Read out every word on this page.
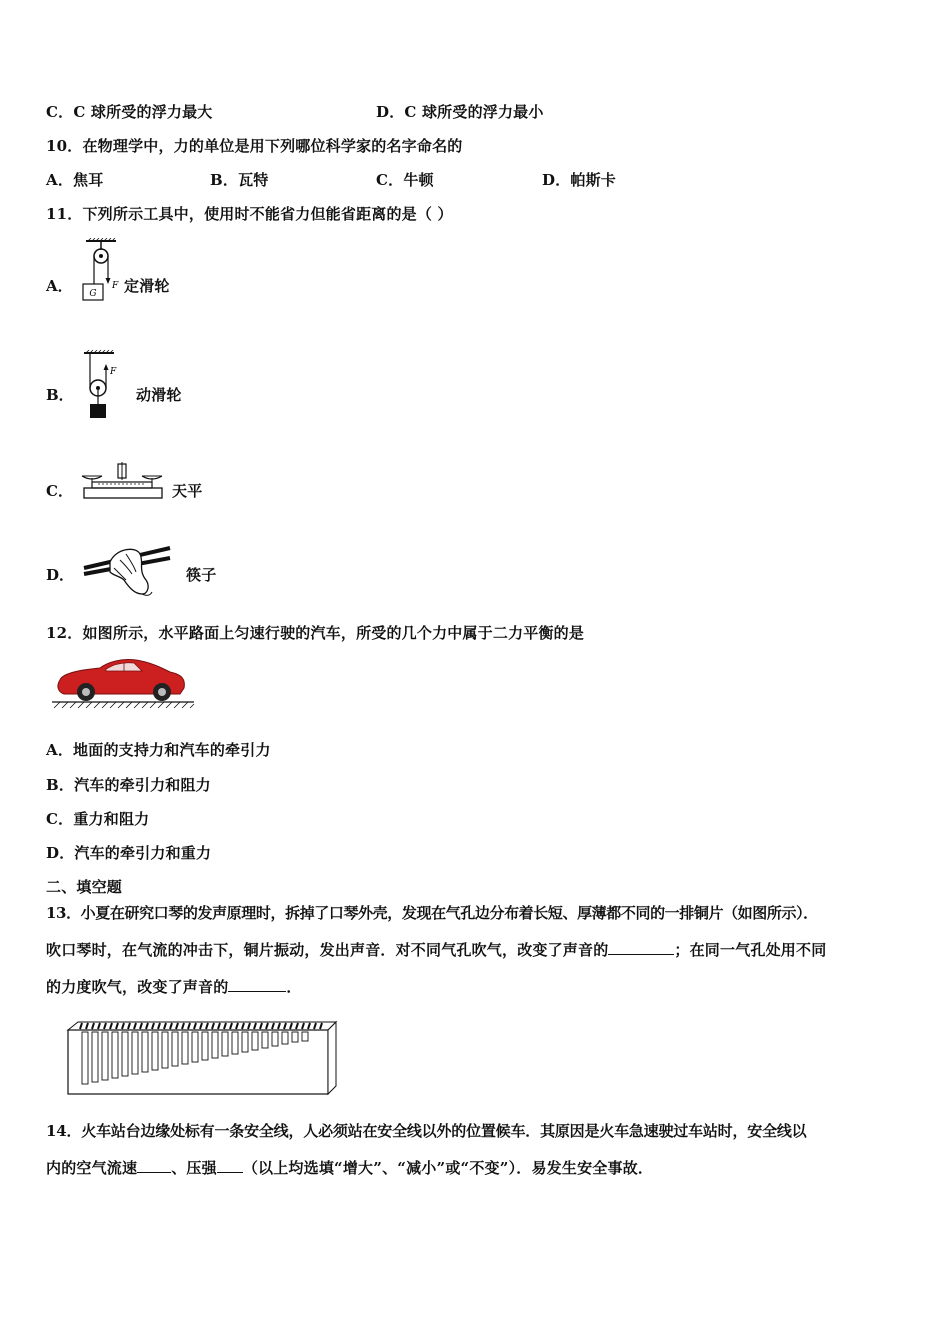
C．C 球所受的浮力最大	D．C 球所受的浮力最小
10．在物理学中，力的单位是用下列哪位科学家的名字命名的
A．焦耳	B．瓦特	C．牛顿	D．帕斯卡
11．下列所示工具中，使用时不能省力但能省距离的是（ ）
A． G
F 定滑轮
B．
F
动滑轮
C．	天平
D．	筷子
12．如图所示，水平路面上匀速行驶的汽车，所受的几个力中属于二力平衡的是
A．地面的支持力和汽车的牵引力
B．汽车的牵引力和阻力
C．重力和阻力
D．汽车的牵引力和重力
二、填空题
13．小夏在研究口琴的发声原理时，拆掉了口琴外壳，发现在气孔边分布着长短、厚薄都不同的一排铜片（如图所示）．
吹口琴时，在气流的冲击下，铜片振动，发出声音．对不同气孔吹气，改变了声音的	；在同一气孔处用不同
的力度吹气，改变了声音的	．
14．火车站台边缘处标有一条安全线，人必须站在安全线以外的位置候车．其原因是火车急速驶过车站时，安全线以
内的空气流速 、压强 （以上均选填“增大”、“减小”或“不变”）．易发生安全事故．
